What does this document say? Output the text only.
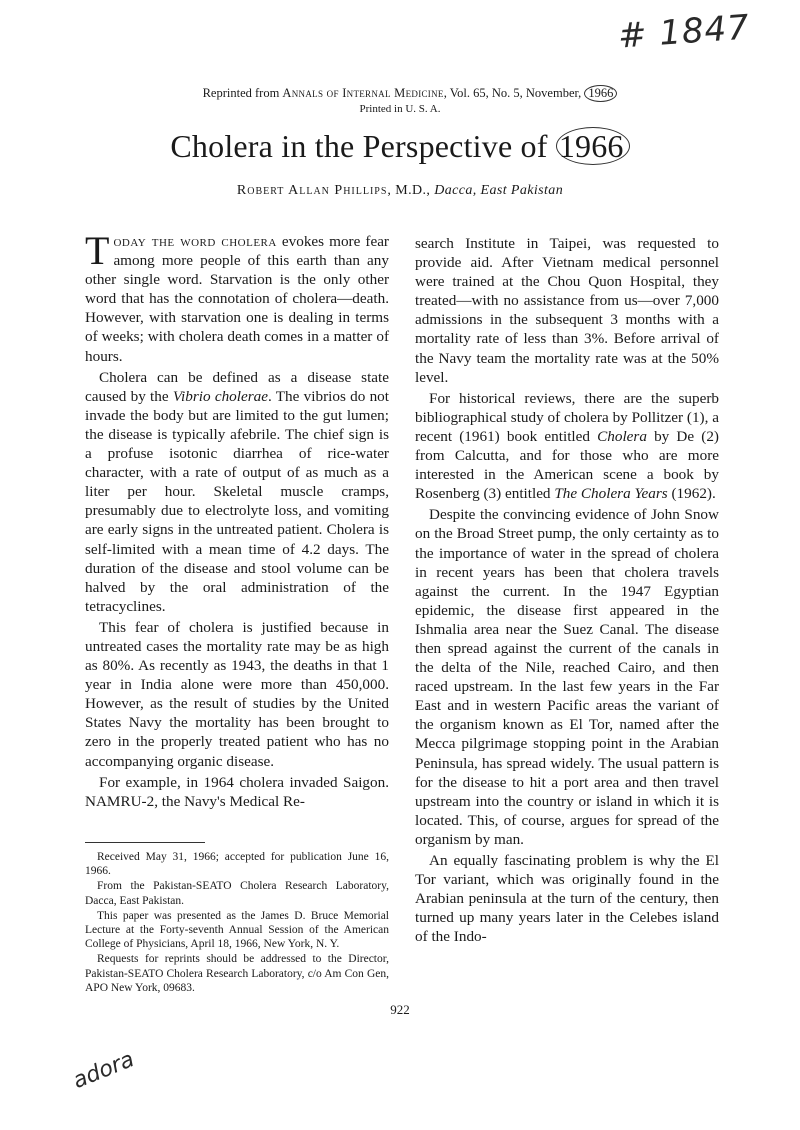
# 1847
Reprinted from Annals of Internal Medicine, Vol. 65, No. 5, November, 1966
Printed in U. S. A.
Cholera in the Perspective of 1966
Robert Allan Phillips, M.D., Dacca, East Pakistan

Today the word cholera evokes more fear among more people of this earth than any other single word. Starvation is the only other word that has the connotation of cholera—death. However, with starvation one is dealing in terms of weeks; with cholera death comes in a matter of hours.

Cholera can be defined as a disease state caused by the Vibrio cholerae. The vibrios do not invade the body but are limited to the gut lumen; the disease is typically afebrile. The chief sign is a profuse isotonic diarrhea of rice-water character, with a rate of output of as much as a liter per hour. Skeletal muscle cramps, presumably due to electrolyte loss, and vomiting are early signs in the untreated patient. Cholera is self-limited with a mean time of 4.2 days. The duration of the disease and stool volume can be halved by the oral administration of the tetracyclines.

This fear of cholera is justified because in untreated cases the mortality rate may be as high as 80%. As recently as 1943, the deaths in that 1 year in India alone were more than 450,000. However, as the result of studies by the United States Navy the mortality has been brought to zero in the properly treated patient who has no accompanying organic disease.

For example, in 1964 cholera invaded Saigon. NAMRU-2, the Navy's Medical Re-

search Institute in Taipei, was requested to provide aid. After Vietnam medical personnel were trained at the Chou Quon Hospital, they treated—with no assistance from us—over 7,000 admissions in the subsequent 3 months with a mortality rate of less than 3%. Before arrival of the Navy team the mortality rate was at the 50% level.

For historical reviews, there are the superb bibliographical study of cholera by Pollitzer (1), a recent (1961) book entitled Cholera by De (2) from Calcutta, and for those who are more interested in the American scene a book by Rosenberg (3) entitled The Cholera Years (1962).

Despite the convincing evidence of John Snow on the Broad Street pump, the only certainty as to the importance of water in the spread of cholera in recent years has been that cholera travels against the current. In the 1947 Egyptian epidemic, the disease first appeared in the Ishmalia area near the Suez Canal. The disease then spread against the current of the canals in the delta of the Nile, reached Cairo, and then raced upstream. In the last few years in the Far East and in western Pacific areas the variant of the organism known as El Tor, named after the Mecca pilgrimage stopping point in the Arabian Peninsula, has spread widely. The usual pattern is for the disease to hit a port area and then travel upstream into the country or island in which it is located. This, of course, argues for spread of the organism by man.

An equally fascinating problem is why the El Tor variant, which was originally found in the Arabian peninsula at the turn of the century, then turned up many years later in the Celebes island of the Indo-

Received May 31, 1966; accepted for publication June 16, 1966.

From the Pakistan-SEATO Cholera Research Laboratory, Dacca, East Pakistan.

This paper was presented as the James D. Bruce Memorial Lecture at the Forty-seventh Annual Session of the American College of Physicians, April 18, 1966, New York, N. Y.

Requests for reprints should be addressed to the Director, Pakistan-SEATO Cholera Research Laboratory, c/o Am Con Gen, APO New York, 09683.

922
adora
